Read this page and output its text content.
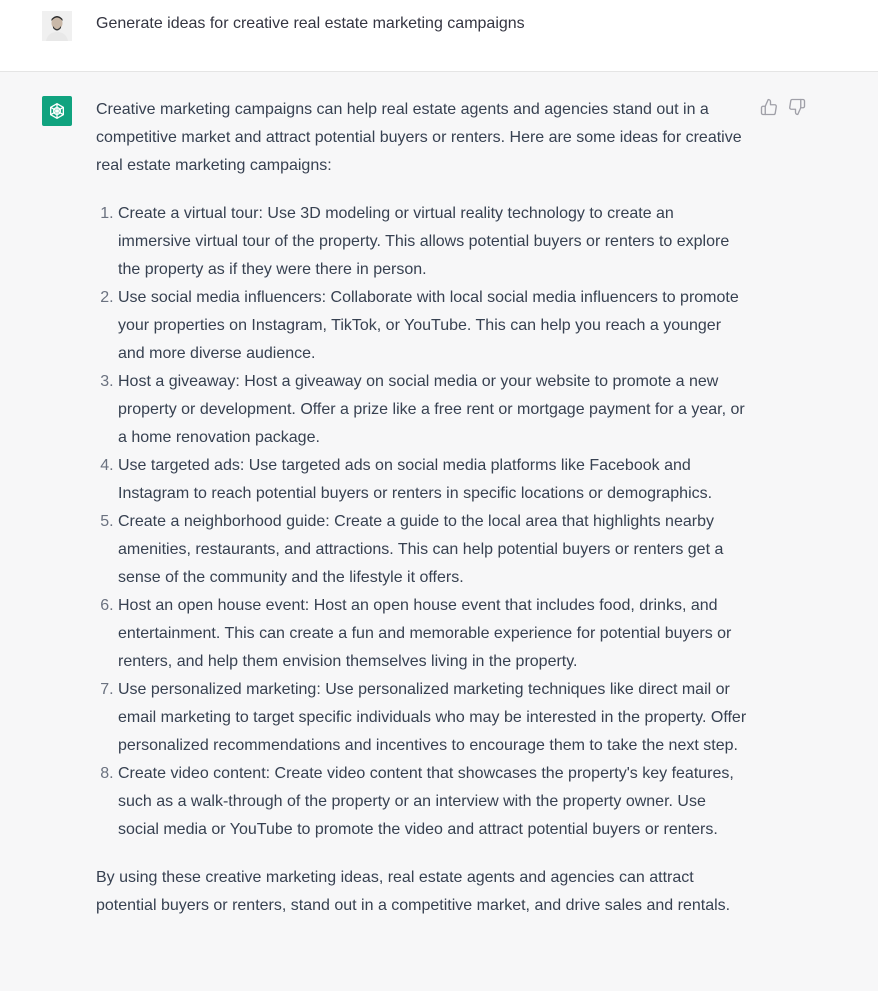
Generate ideas for creative real estate marketing campaigns

Creative marketing campaigns can help real estate agents and agencies stand out in a competitive market and attract potential buyers or renters. Here are some ideas for creative real estate marketing campaigns:

1. Create a virtual tour: Use 3D modeling or virtual reality technology to create an immersive virtual tour of the property. This allows potential buyers or renters to explore the property as if they were there in person.
2. Use social media influencers: Collaborate with local social media influencers to promote your properties on Instagram, TikTok, or YouTube. This can help you reach a younger and more diverse audience.
3. Host a giveaway: Host a giveaway on social media or your website to promote a new property or development. Offer a prize like a free rent or mortgage payment for a year, or a home renovation package.
4. Use targeted ads: Use targeted ads on social media platforms like Facebook and Instagram to reach potential buyers or renters in specific locations or demographics.
5. Create a neighborhood guide: Create a guide to the local area that highlights nearby amenities, restaurants, and attractions. This can help potential buyers or renters get a sense of the community and the lifestyle it offers.
6. Host an open house event: Host an open house event that includes food, drinks, and entertainment. This can create a fun and memorable experience for potential buyers or renters, and help them envision themselves living in the property.
7. Use personalized marketing: Use personalized marketing techniques like direct mail or email marketing to target specific individuals who may be interested in the property. Offer personalized recommendations and incentives to encourage them to take the next step.
8. Create video content: Create video content that showcases the property's key features, such as a walk-through of the property or an interview with the property owner. Use social media or YouTube to promote the video and attract potential buyers or renters.

By using these creative marketing ideas, real estate agents and agencies can attract potential buyers or renters, stand out in a competitive market, and drive sales and rentals.
